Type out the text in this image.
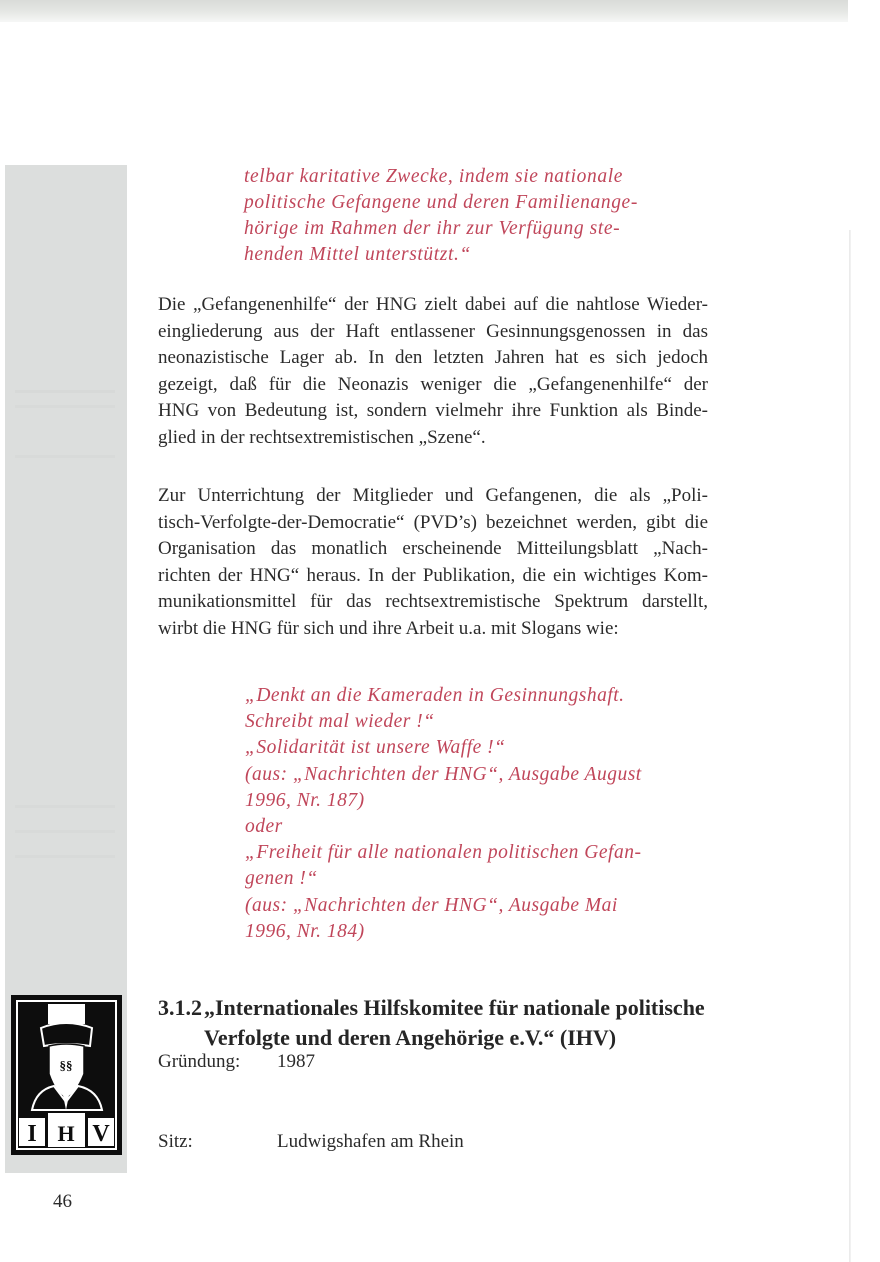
§§
I H V
telbar karitative Zwecke, indem sie nationale
politische Gefangene und deren Familienange-
hörige im Rahmen der ihr zur Verfügung ste-
henden Mittel unterstützt.“
Die „Gefangenenhilfe“ der HNG zielt dabei auf die nahtlose Wieder-
eingliederung aus der Haft entlassener Gesinnungsgenossen in das
neonazistische Lager ab. In den letzten Jahren hat es sich jedoch
gezeigt, daß für die Neonazis weniger die „Gefangenenhilfe“ der
HNG von Bedeutung ist, sondern vielmehr ihre Funktion als Binde-
glied in der rechtsextremistischen „Szene“.
Zur Unterrichtung der Mitglieder und Gefangenen, die als „Poli-
tisch-Verfolgte-der-Democratie“ (PVD’s) bezeichnet werden, gibt die
Organisation das monatlich erscheinende Mitteilungsblatt „Nach-
richten der HNG“ heraus. In der Publikation, die ein wichtiges Kom-
munikationsmittel für das rechtsextremistische Spektrum darstellt,
wirbt die HNG für sich und ihre Arbeit u.a. mit Slogans wie:
„Denkt an die Kameraden in Gesinnungshaft.
Schreibt mal wieder !“
„Solidarität ist unsere Waffe !“
(aus: „Nachrichten der HNG“, Ausgabe August
1996, Nr. 187)
oder
„Freiheit für alle nationalen politischen Gefan-
genen !“
(aus: „Nachrichten der HNG“, Ausgabe Mai
1996, Nr. 184)
3.1.2„Internationales Hilfskomitee für nationale politische
Verfolgte und deren Angehörige e.V.“ (IHV)
Gründung: 1987
Sitz:	Ludwigshafen am Rhein
46
